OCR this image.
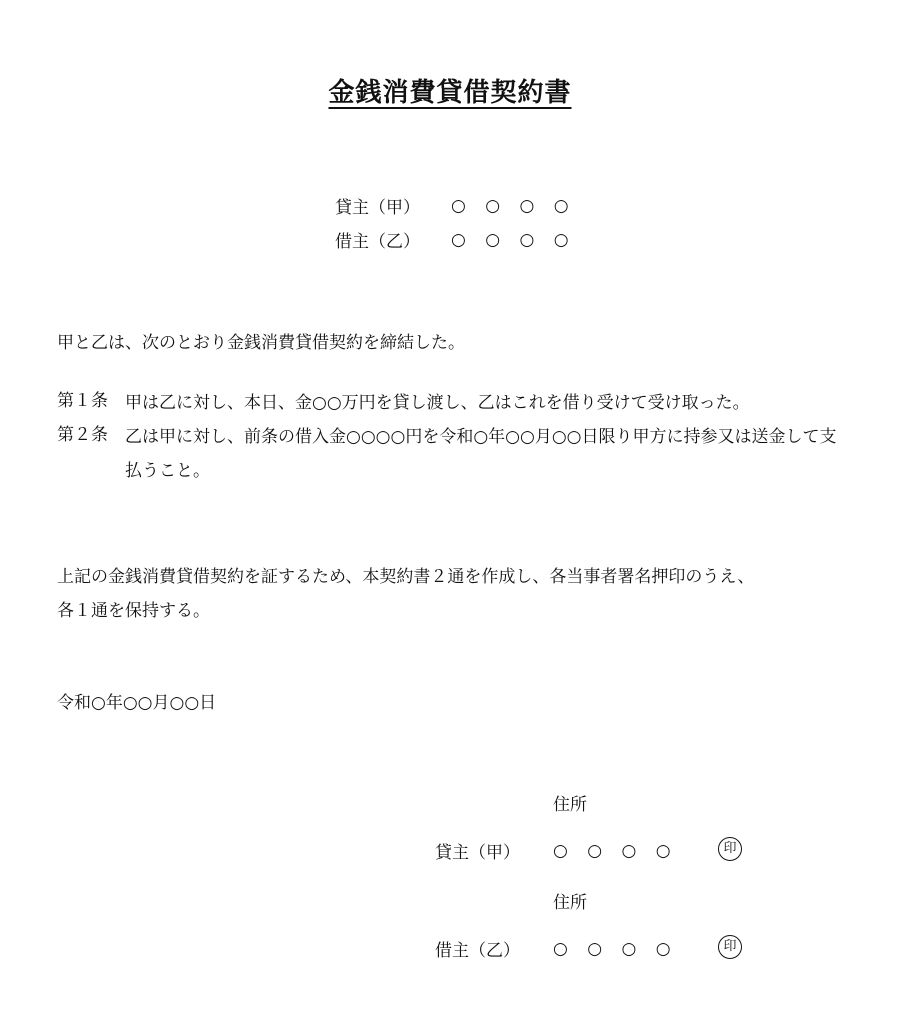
金銭消費貸借契約書
貸主（甲）	○ ○ ○ ○
借主（乙）	○ ○ ○ ○
甲と乙は、次のとおり金銭消費貸借契約を締結した。
第１条	甲は乙に対し、本日、金○○万円を貸し渡し、乙はこれを借り受けて受け取った。
第２条	乙は甲に対し、前条の借入金○○○○円を令和○年○○月○○日限り甲方に持参又は送金して支払うこと。
上記の金銭消費貸借契約を証するため、本契約書２通を作成し、各当事者署名押印のうえ、
各１通を保持する。
令和○年○○月○○日
住所
貸主（甲）	○ ○ ○ ○	印
住所
借主（乙）	○ ○ ○ ○	印
